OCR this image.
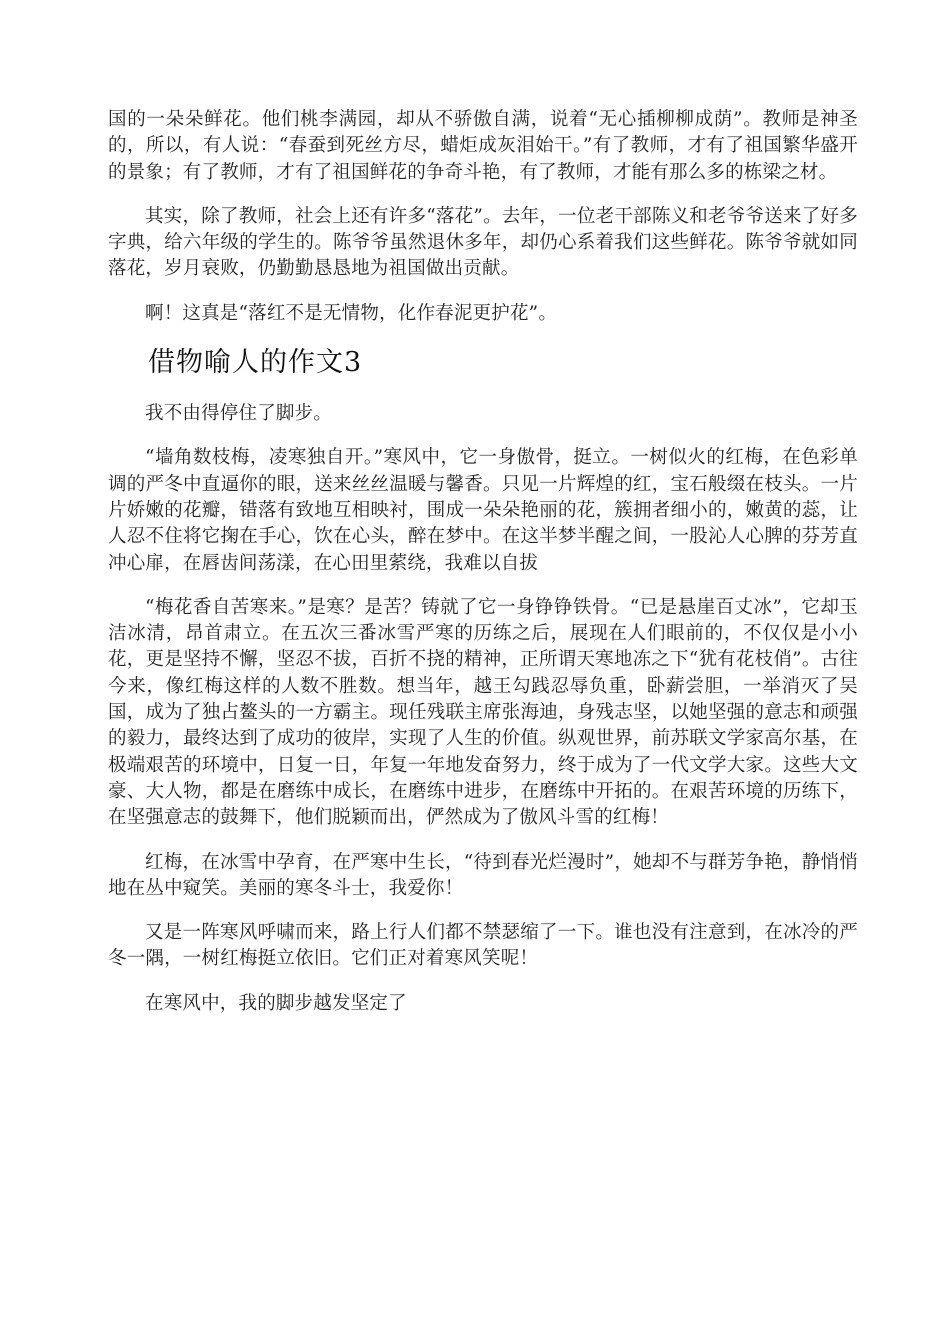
国的一朵朵鲜花。他们桃李满园，却从不骄傲自满，说着“无心插柳柳成荫”。教师是神圣的，所以，有人说：“春蚕到死丝方尽，蜡炬成灰泪始干。”有了教师，才有了祖国繁华盛开的景象；有了教师，才有了祖国鲜花的争奇斗艳，有了教师，才能有那么多的栋梁之材。

其实，除了教师，社会上还有许多“落花”。去年，一位老干部陈义和老爷爷送来了好多字典，给六年级的学生的。陈爷爷虽然退休多年，却仍心系着我们这些鲜花。陈爷爷就如同落花，岁月衰败，仍勤勤恳恳地为祖国做出贡献。

啊！这真是“落红不是无情物，化作春泥更护花”。

借物喻人的作文3

我不由得停住了脚步。

“墙角数枝梅，凌寒独自开。”寒风中，它一身傲骨，挺立。一树似火的红梅，在色彩单调的严冬中直逼你的眼，送来丝丝温暖与馨香。只见一片辉煌的红，宝石般缀在枝头。一片片娇嫩的花瓣，错落有致地互相映衬，围成一朵朵艳丽的花，簇拥者细小的，嫩黄的蕊，让人忍不住将它掬在手心，饮在心头，醉在梦中。在这半梦半醒之间，一股沁人心脾的芬芳直冲心扉，在唇齿间荡漾，在心田里萦绕，我难以自拔

“梅花香自苦寒来。”是寒？是苦？铸就了它一身铮铮铁骨。“已是悬崖百丈冰”，它却玉洁冰清，昂首肃立。在五次三番冰雪严寒的历练之后，展现在人们眼前的，不仅仅是小小花，更是坚持不懈，坚忍不拔，百折不挠的精神，正所谓天寒地冻之下“犹有花枝俏”。古往今来，像红梅这样的人数不胜数。想当年，越王勾践忍辱负重，卧薪尝胆，一举消灭了吴国，成为了独占鳌头的一方霸主。现任残联主席张海迪，身残志坚，以她坚强的意志和顽强的毅力，最终达到了成功的彼岸，实现了人生的价值。纵观世界，前苏联文学家高尔基，在极端艰苦的环境中，日复一日，年复一年地发奋努力，终于成为了一代文学大家。这些大文豪、大人物，都是在磨练中成长，在磨练中进步，在磨练中开拓的。在艰苦环境的历练下，在坚强意志的鼓舞下，他们脱颖而出，俨然成为了傲风斗雪的红梅！

红梅，在冰雪中孕育，在严寒中生长，“待到春光烂漫时”，她却不与群芳争艳，静悄悄地在丛中窥笑。美丽的寒冬斗士，我爱你！

又是一阵寒风呼啸而来，路上行人们都不禁瑟缩了一下。谁也没有注意到，在冰冷的严冬一隅，一树红梅挺立依旧。它们正对着寒风笑呢！

在寒风中，我的脚步越发坚定了
